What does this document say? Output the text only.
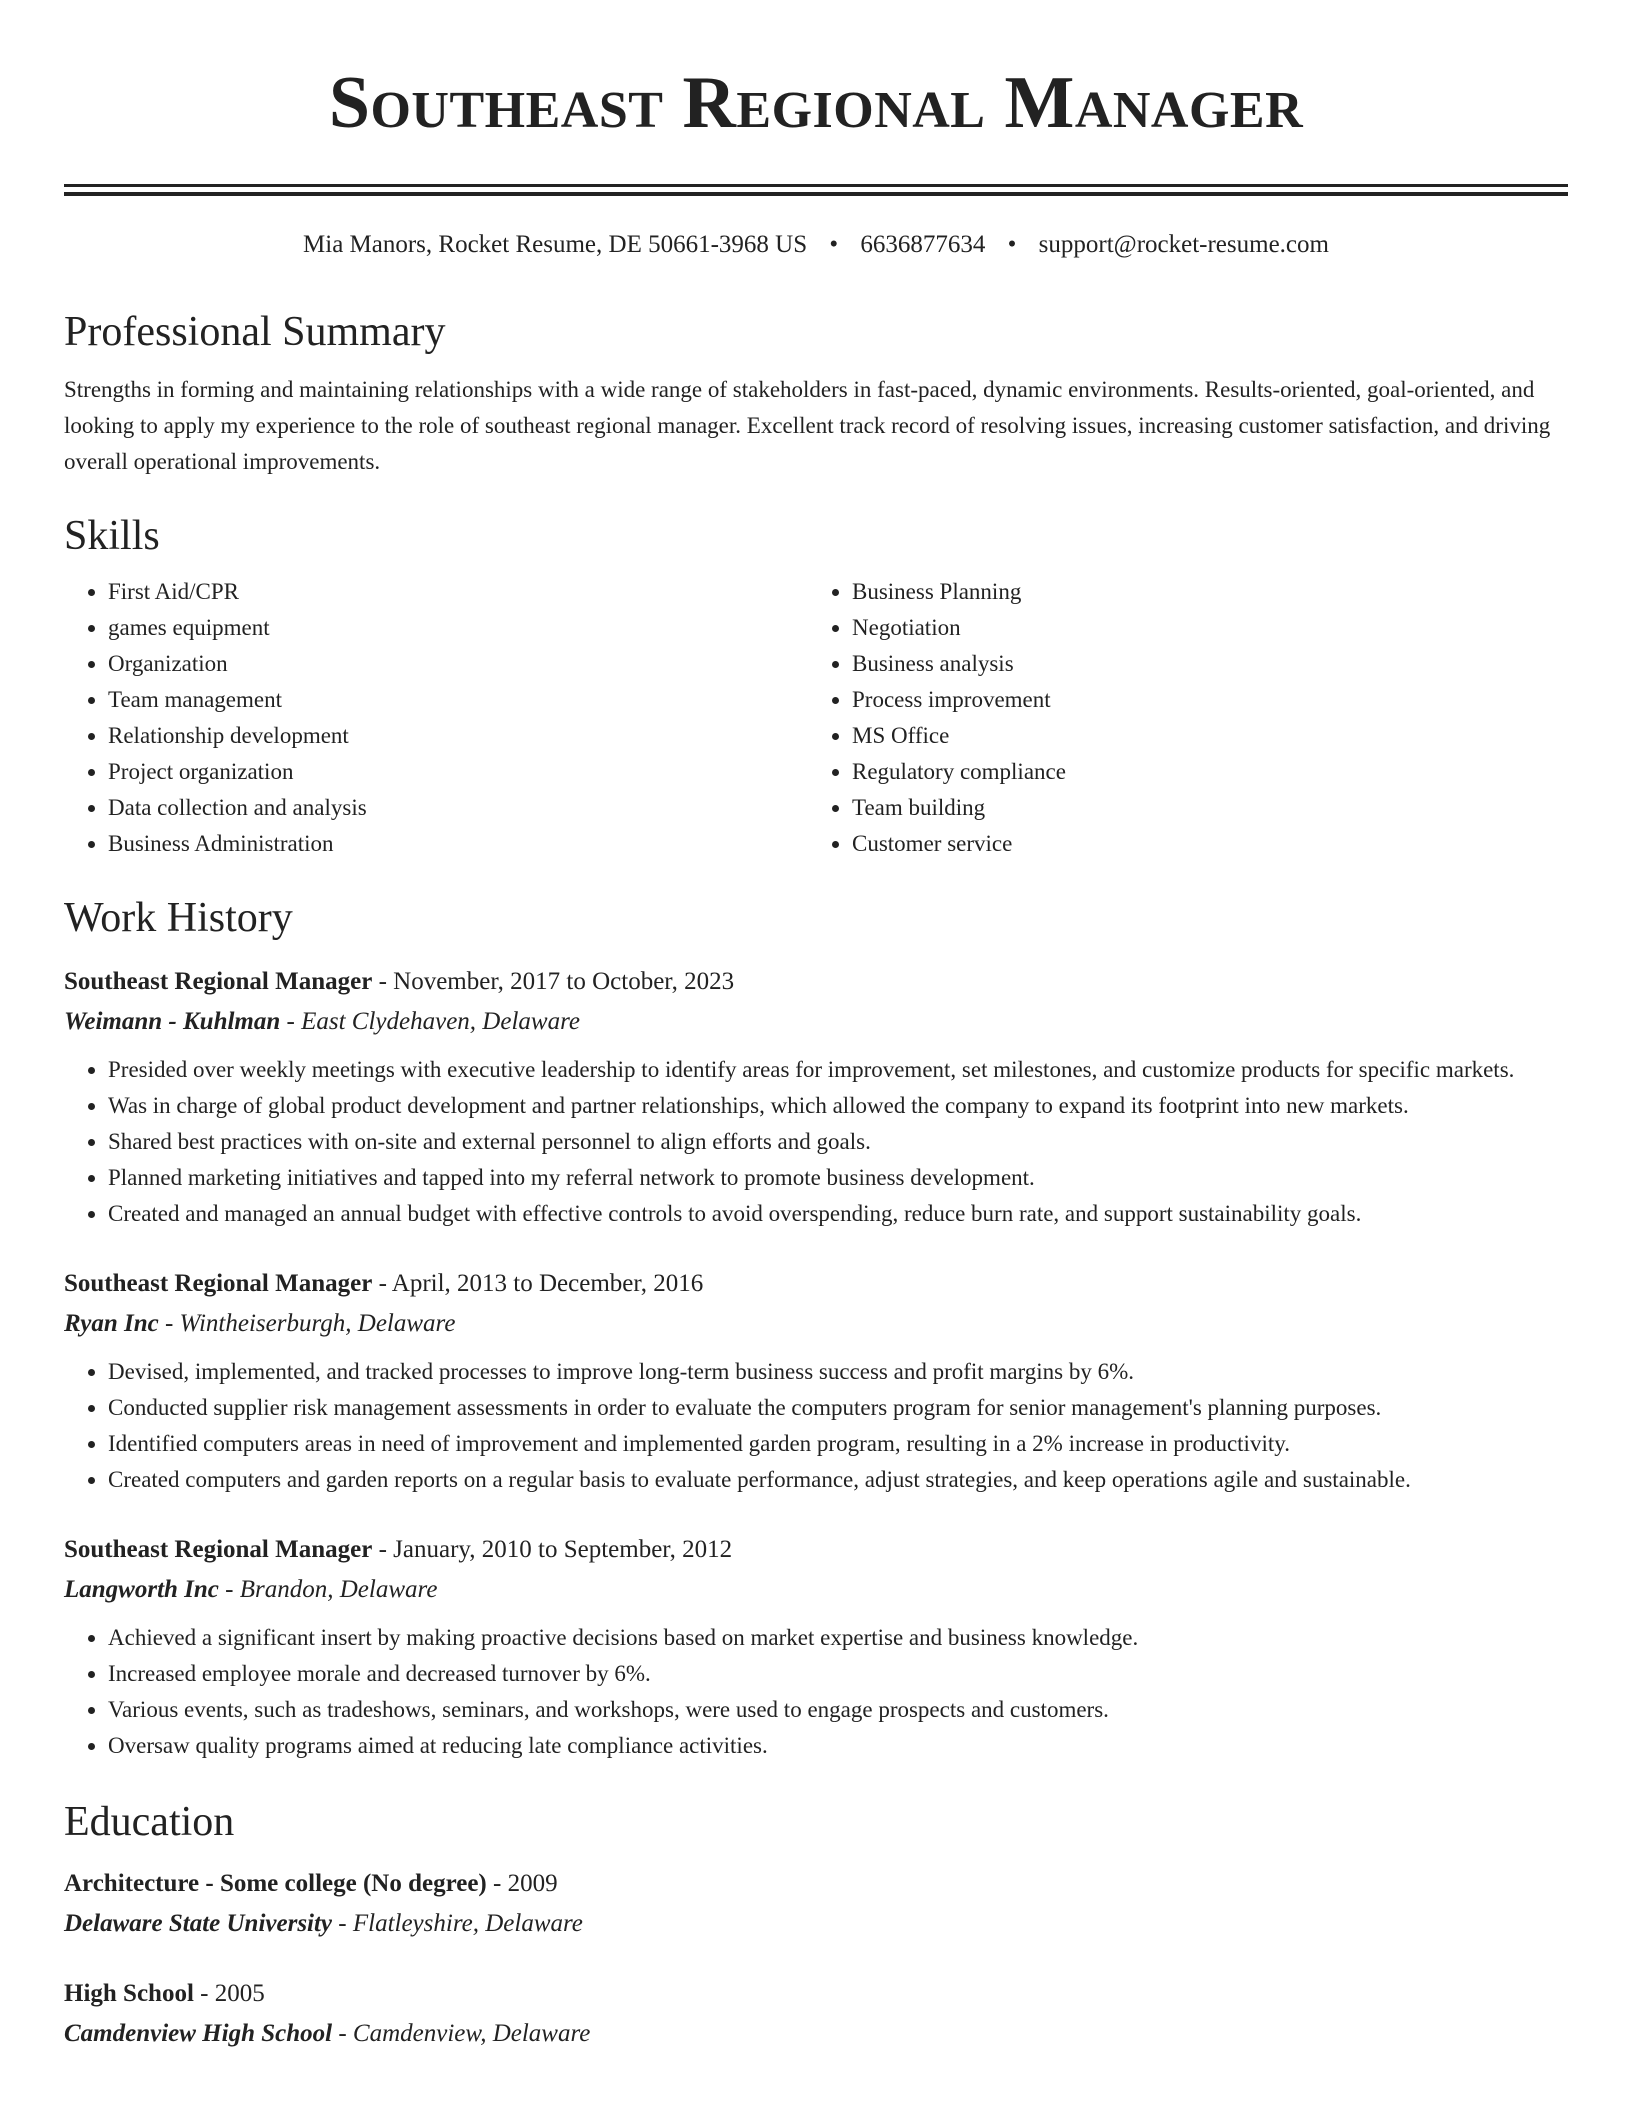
Southeast Regional Manager
Mia Manors, Rocket Resume, DE 50661-3968 US • 6636877634 • support@rocket-resume.com
Professional Summary
Strengths in forming and maintaining relationships with a wide range of stakeholders in fast-paced, dynamic environments. Results-oriented, goal-oriented, and looking to apply my experience to the role of southeast regional manager. Excellent track record of resolving issues, increasing customer satisfaction, and driving overall operational improvements.
Skills
• First Aid/CPR
• games equipment
• Organization
• Team management
• Relationship development
• Project organization
• Data collection and analysis
• Business Administration
• Business Planning
• Negotiation
• Business analysis
• Process improvement
• MS Office
• Regulatory compliance
• Team building
• Customer service
Work History
Southeast Regional Manager - November, 2017 to October, 2023
Weimann - Kuhlman - East Clydehaven, Delaware
• Presided over weekly meetings with executive leadership to identify areas for improvement, set milestones, and customize products for specific markets.
• Was in charge of global product development and partner relationships, which allowed the company to expand its footprint into new markets.
• Shared best practices with on-site and external personnel to align efforts and goals.
• Planned marketing initiatives and tapped into my referral network to promote business development.
• Created and managed an annual budget with effective controls to avoid overspending, reduce burn rate, and support sustainability goals.
Southeast Regional Manager - April, 2013 to December, 2016
Ryan Inc - Wintheiserburgh, Delaware
• Devised, implemented, and tracked processes to improve long-term business success and profit margins by 6%.
• Conducted supplier risk management assessments in order to evaluate the computers program for senior management's planning purposes.
• Identified computers areas in need of improvement and implemented garden program, resulting in a 2% increase in productivity.
• Created computers and garden reports on a regular basis to evaluate performance, adjust strategies, and keep operations agile and sustainable.
Southeast Regional Manager - January, 2010 to September, 2012
Langworth Inc - Brandon, Delaware
• Achieved a significant insert by making proactive decisions based on market expertise and business knowledge.
• Increased employee morale and decreased turnover by 6%.
• Various events, such as tradeshows, seminars, and workshops, were used to engage prospects and customers.
• Oversaw quality programs aimed at reducing late compliance activities.
Education
Architecture - Some college (No degree) - 2009
Delaware State University - Flatleyshire, Delaware
High School - 2005
Camdenview High School - Camdenview, Delaware
